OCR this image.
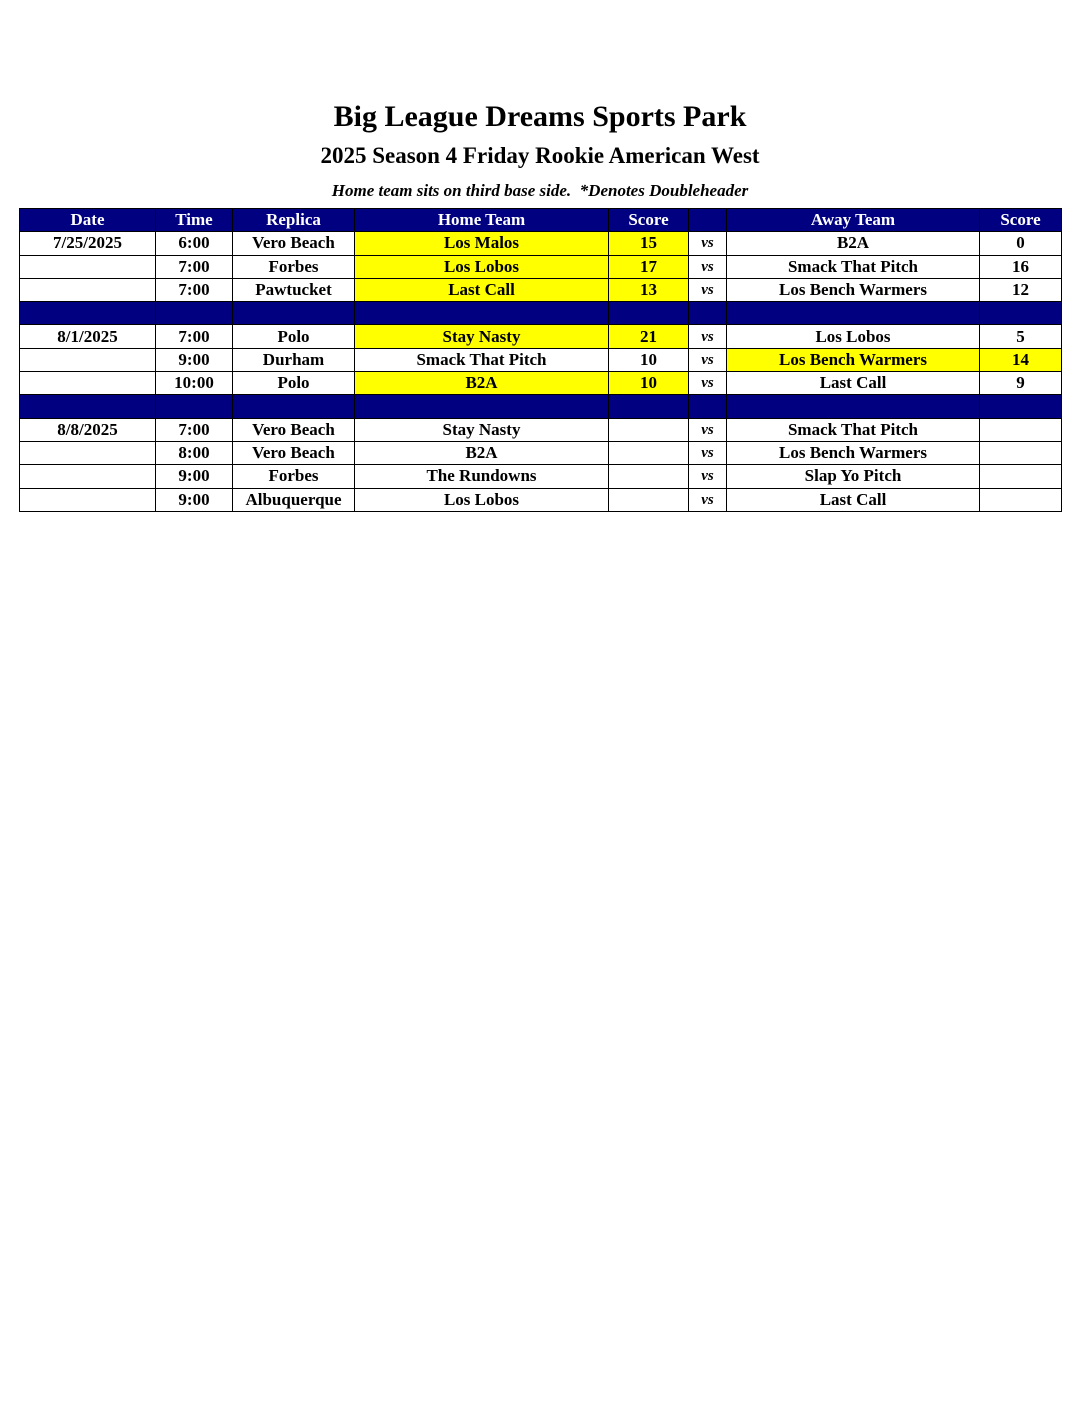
Big League Dreams Sports Park
2025 Season 4 Friday Rookie American West
Home team sits on third base side.  *Denotes Doubleheader
Date	Time	Replica	Home Team	Score		Away Team	Score
7/25/2025	6:00	Vero Beach	Los Malos	15	vs	B2A	0
	7:00	Forbes	Los Lobos	17	vs	Smack That Pitch	16
	7:00	Pawtucket	Last Call	13	vs	Los Bench Warmers	12

8/1/2025	7:00	Polo	Stay Nasty	21	vs	Los Lobos	5
	9:00	Durham	Smack That Pitch	10	vs	Los Bench Warmers	14
	10:00	Polo	B2A	10	vs	Last Call	9

8/8/2025	7:00	Vero Beach	Stay Nasty		vs	Smack That Pitch	
	8:00	Vero Beach	B2A		vs	Los Bench Warmers	
	9:00	Forbes	The Rundowns		vs	Slap Yo Pitch	
	9:00	Albuquerque	Los Lobos		vs	Last Call	
